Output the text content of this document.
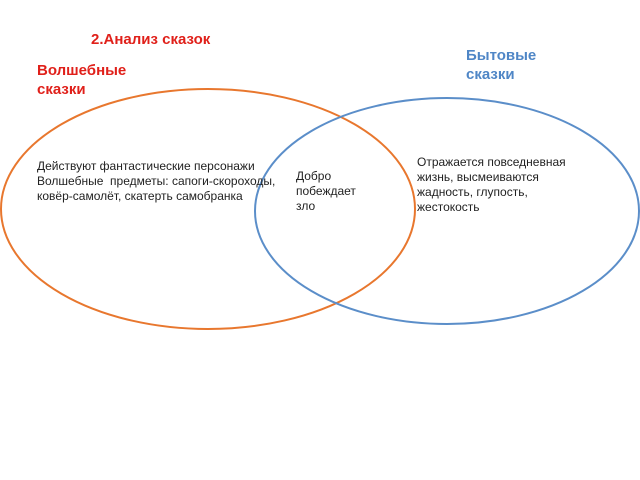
2.Анализ сказок
Волшебные
сказки
Бытовые
сказки
Действуют фантастические персонажи
Волшебные  предметы: сапоги-скороходы,
ковёр-самолёт, скатерть самобранка
Добро
побеждает
зло
Отражается повседневная
жизнь, высмеиваются
жадность, глупость,
жестокость
